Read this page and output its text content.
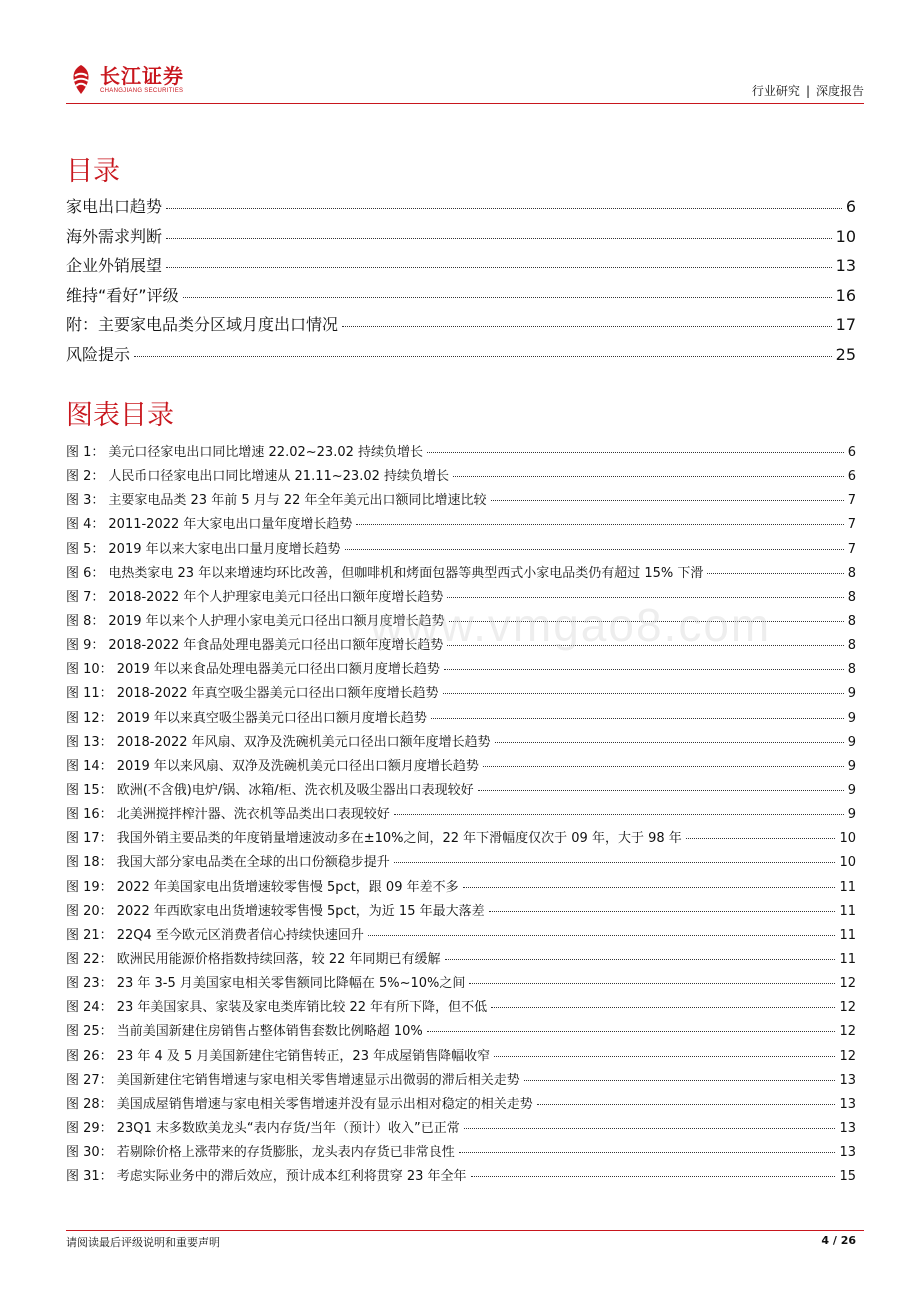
长江证券
CHANGJIANG SECURITIES	行业研究 | 深度报告
目录
家电出口趋势	6
海外需求判断	10
企业外销展望	13
维持“看好”评级	16
附：主要家电品类分区域月度出口情况	17
风险提示	25
图表目录
图 1： 美元口径家电出口同比增速 22.02~23.02 持续负增长	6
图 2： 人民币口径家电出口同比增速从 21.11~23.02 持续负增长	6
图 3： 主要家电品类 23 年前 5 月与 22 年全年美元出口额同比增速比较	7
图 4： 2011-2022 年大家电出口量年度增长趋势	7
图 5： 2019 年以来大家电出口量月度增长趋势	7
图 6： 电热类家电 23 年以来增速均环比改善，但咖啡机和烤面包器等典型西式小家电品类仍有超过 15% 下滑	8
图 7： 2018-2022 年个人护理家电美元口径出口额年度增长趋势	8
图 8： 2019 年以来个人护理小家电美元口径出口额月度增长趋势	8
图 9： 2018-2022 年食品处理电器美元口径出口额年度增长趋势	8
图 10： 2019 年以来食品处理电器美元口径出口额月度增长趋势	8
图 11： 2018-2022 年真空吸尘器美元口径出口额年度增长趋势	9
图 12： 2019 年以来真空吸尘器美元口径出口额月度增长趋势	9
图 13： 2018-2022 年风扇、双净及洗碗机美元口径出口额年度增长趋势	9
图 14： 2019 年以来风扇、双净及洗碗机美元口径出口额月度增长趋势	9
图 15： 欧洲(不含俄)电炉/锅、冰箱/柜、洗衣机及吸尘器出口表现较好	9
图 16： 北美洲搅拌榨汁器、洗衣机等品类出口表现较好	9
图 17： 我国外销主要品类的年度销量增速波动多在±10%之间，22 年下滑幅度仅次于 09 年，大于 98 年	10
图 18： 我国大部分家电品类在全球的出口份额稳步提升	10
图 19： 2022 年美国家电出货增速较零售慢 5pct，跟 09 年差不多	11
图 20： 2022 年西欧家电出货增速较零售慢 5pct，为近 15 年最大落差	11
图 21： 22Q4 至今欧元区消费者信心持续快速回升	11
图 22： 欧洲民用能源价格指数持续回落，较 22 年同期已有缓解	11
图 23： 23 年 3-5 月美国家电相关零售额同比降幅在 5%~10%之间	12
图 24： 23 年美国家具、家装及家电类库销比较 22 年有所下降，但不低	12
图 25： 当前美国新建住房销售占整体销售套数比例略超 10%	12
图 26： 23 年 4 及 5 月美国新建住宅销售转正，23 年成屋销售降幅收窄	12
图 27： 美国新建住宅销售增速与家电相关零售增速显示出微弱的滞后相关走势	13
图 28： 美国成屋销售增速与家电相关零售增速并没有显示出相对稳定的相关走势	13
图 29： 23Q1 末多数欧美龙头“表内存货/当年（预计）收入”已正常	13
图 30： 若剔除价格上涨带来的存货膨胀，龙头表内存货已非常良性	13
图 31： 考虑实际业务中的滞后效应，预计成本红利将贯穿 23 年全年	15
www.vmgao8.com
请阅读最后评级说明和重要声明	4 / 26
